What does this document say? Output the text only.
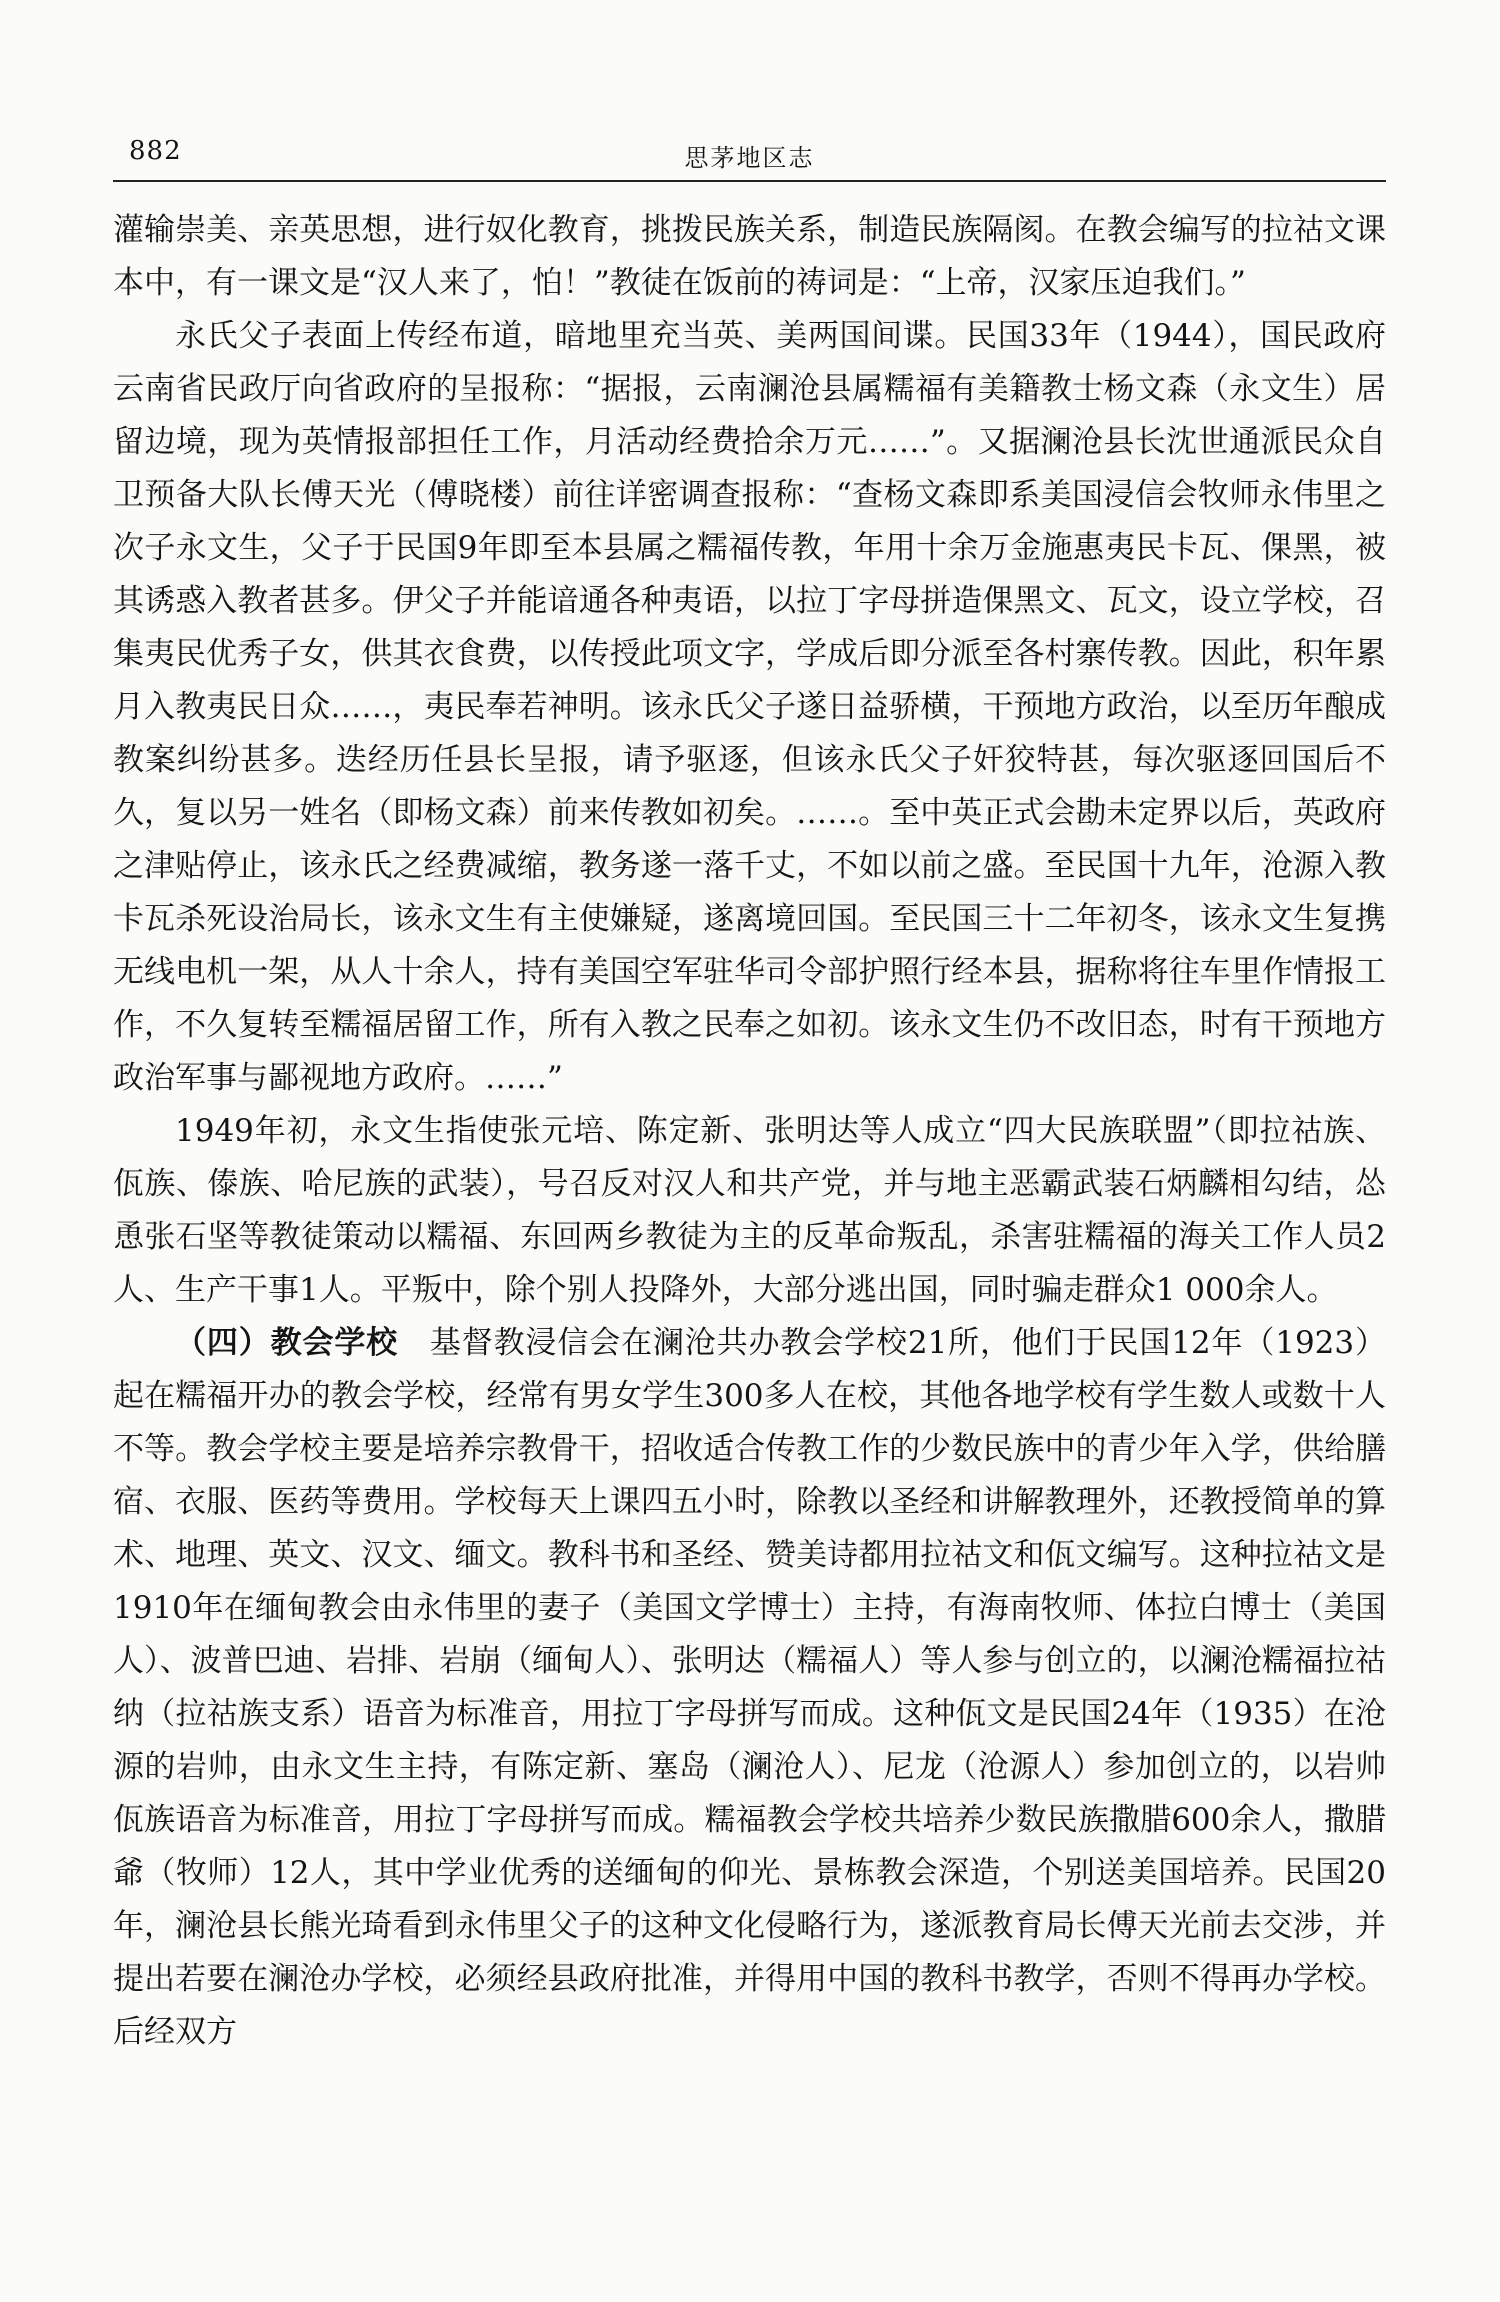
882	思茅地区志

灌输崇美、亲英思想，进行奴化教育，挑拨民族关系，制造民族隔阂。在教会编写的拉祜文课本中，有一课文是“汉人来了，怕！”教徒在饭前的祷词是：“上帝，汉家压迫我们。”

永氏父子表面上传经布道，暗地里充当英、美两国间谍。民国33年（1944），国民政府云南省民政厅向省政府的呈报称：“据报，云南澜沧县属糯福有美籍教士杨文森（永文生）居留边境，现为英情报部担任工作，月活动经费拾余万元……”。又据澜沧县长沈世通派民众自卫预备大队长傅天光（傅晓楼）前往详密调查报称：“查杨文森即系美国浸信会牧师永伟里之次子永文生，父子于民国9年即至本县属之糯福传教，年用十余万金施惠夷民卡瓦、倮黑，被其诱惑入教者甚多。伊父子并能谙通各种夷语，以拉丁字母拼造倮黑文、瓦文，设立学校，召集夷民优秀子女，供其衣食费，以传授此项文字，学成后即分派至各村寨传教。因此，积年累月入教夷民日众……，夷民奉若神明。该永氏父子遂日益骄横，干预地方政治，以至历年酿成教案纠纷甚多。迭经历任县长呈报，请予驱逐，但该永氏父子奸狡特甚，每次驱逐回国后不久，复以另一姓名（即杨文森）前来传教如初矣。……。至中英正式会勘未定界以后，英政府之津贴停止，该永氏之经费减缩，教务遂一落千丈，不如以前之盛。至民国十九年，沧源入教卡瓦杀死设治局长，该永文生有主使嫌疑，遂离境回国。至民国三十二年初冬，该永文生复携无线电机一架，从人十余人，持有美国空军驻华司令部护照行经本县，据称将往车里作情报工作，不久复转至糯福居留工作，所有入教之民奉之如初。该永文生仍不改旧态，时有干预地方政治军事与鄙视地方政府。……”

1949年初，永文生指使张元培、陈定新、张明达等人成立“四大民族联盟”（即拉祜族、佤族、傣族、哈尼族的武装），号召反对汉人和共产党，并与地主恶霸武装石炳麟相勾结，怂恿张石坚等教徒策动以糯福、东回两乡教徒为主的反革命叛乱，杀害驻糯福的海关工作人员2人、生产干事1人。平叛中，除个别人投降外，大部分逃出国，同时骗走群众1 000余人。

（四）教会学校　基督教浸信会在澜沧共办教会学校21所，他们于民国12年（1923）起在糯福开办的教会学校，经常有男女学生300多人在校，其他各地学校有学生数人或数十人不等。教会学校主要是培养宗教骨干，招收适合传教工作的少数民族中的青少年入学，供给膳宿、衣服、医药等费用。学校每天上课四五小时，除教以圣经和讲解教理外，还教授简单的算术、地理、英文、汉文、缅文。教科书和圣经、赞美诗都用拉祜文和佤文编写。这种拉祜文是1910年在缅甸教会由永伟里的妻子（美国文学博士）主持，有海南牧师、体拉白博士（美国人）、波普巴迪、岩排、岩崩（缅甸人）、张明达（糯福人）等人参与创立的，以澜沧糯福拉祜纳（拉祜族支系）语音为标准音，用拉丁字母拼写而成。这种佤文是民国24年（1935）在沧源的岩帅，由永文生主持，有陈定新、塞岛（澜沧人）、尼龙（沧源人）参加创立的，以岩帅佤族语音为标准音，用拉丁字母拼写而成。糯福教会学校共培养少数民族撒腊600余人，撒腊爺（牧师）12人，其中学业优秀的送缅甸的仰光、景栋教会深造，个别送美国培养。民国20年，澜沧县长熊光琦看到永伟里父子的这种文化侵略行为，遂派教育局长傅天光前去交涉，并提出若要在澜沧办学校，必须经县政府批准，并得用中国的教科书教学，否则不得再办学校。后经双方
